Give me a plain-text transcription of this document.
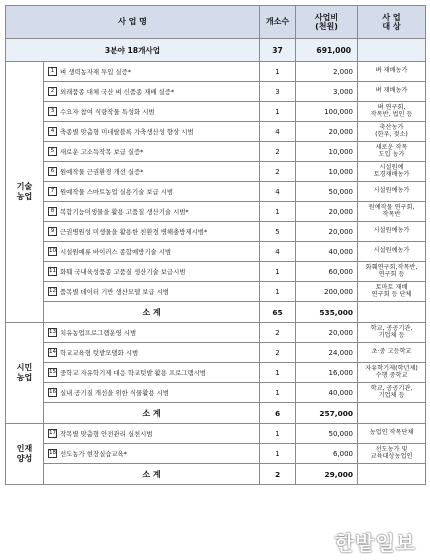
사 업 명		개소수	사업비
(천원)	사 업
대 상
3분야 18개사업		37	691,000	
기술
농업	1 벼 생력농자재 투입 실증*	1	2,000	벼 재배농가
	2 외래품종 대체 국산 벼 신품종 재배 실증*	3	3,000	벼 재배농가
	3 수요자 참여 식량작물 특성화 시범	1	100,000	벼 연구회,
작목반, 법인 등
	4 축종별 맞춤형 미네랄블록 가축생산성 향상 시범	4	20,000	축산농가
(한우, 젖소)
	5 새로운 고소득작목 보급 실증*	2	10,000	새로운 작목
도입 농가
	6 원예작물 근권환경 개선 실증*	2	10,000	시설원예
토경재배농가
	7 원예작물 스마트농업 실용기술 보급 시범	4	50,000	시설원예농가
	8 복합기능미생물을 활용 고품질 생산기술 시범*	1	20,000	원예작물 연구회,
작목반
	9 근권병원성 미생물을 활용한 친환경 병해충방제시범*	5	20,000	시설원예농가
	10 시설원예류 바이러스 종합예방기술 시범	4	40,000	시설원예농가
	11 화훼 국내육성품종 고품질 생산기술 보급시범	1	60,000	화훼연구회,작목반,
연구회 등
	12 품목별 데이터 기반 생산모델 보급 시범	1	200,000	토마토 재배
연구회 등 단체
	소 계	65	535,000	
시민
농업	13 치유농업프로그램운영 시범	2	20,000	학교, 공공기관,
기업체 등
	14 학교교육형 텃밭모델화 시범	2	24,000	초·중 고등학교
	15 중학교 자유학기제 대응 학교텃밭 활용 프로그램시범	1	16,000	자유학기제(학년제)
수행 중학교
	16 실내 공기질 개선을 위한 식물활용 시범	1	40,000	학교, 공공기관,
기업체 등
	소 계	6	257,000	
인재
양성	17 작목별 맞춤형 안전관리 실천시범	1	50,000	농업인 작목단체
	18 선도농가 현장실습교육*	1	6,000	선도농가 및
교육대상농업인
	소 계	2	29,000	
한밭일보
